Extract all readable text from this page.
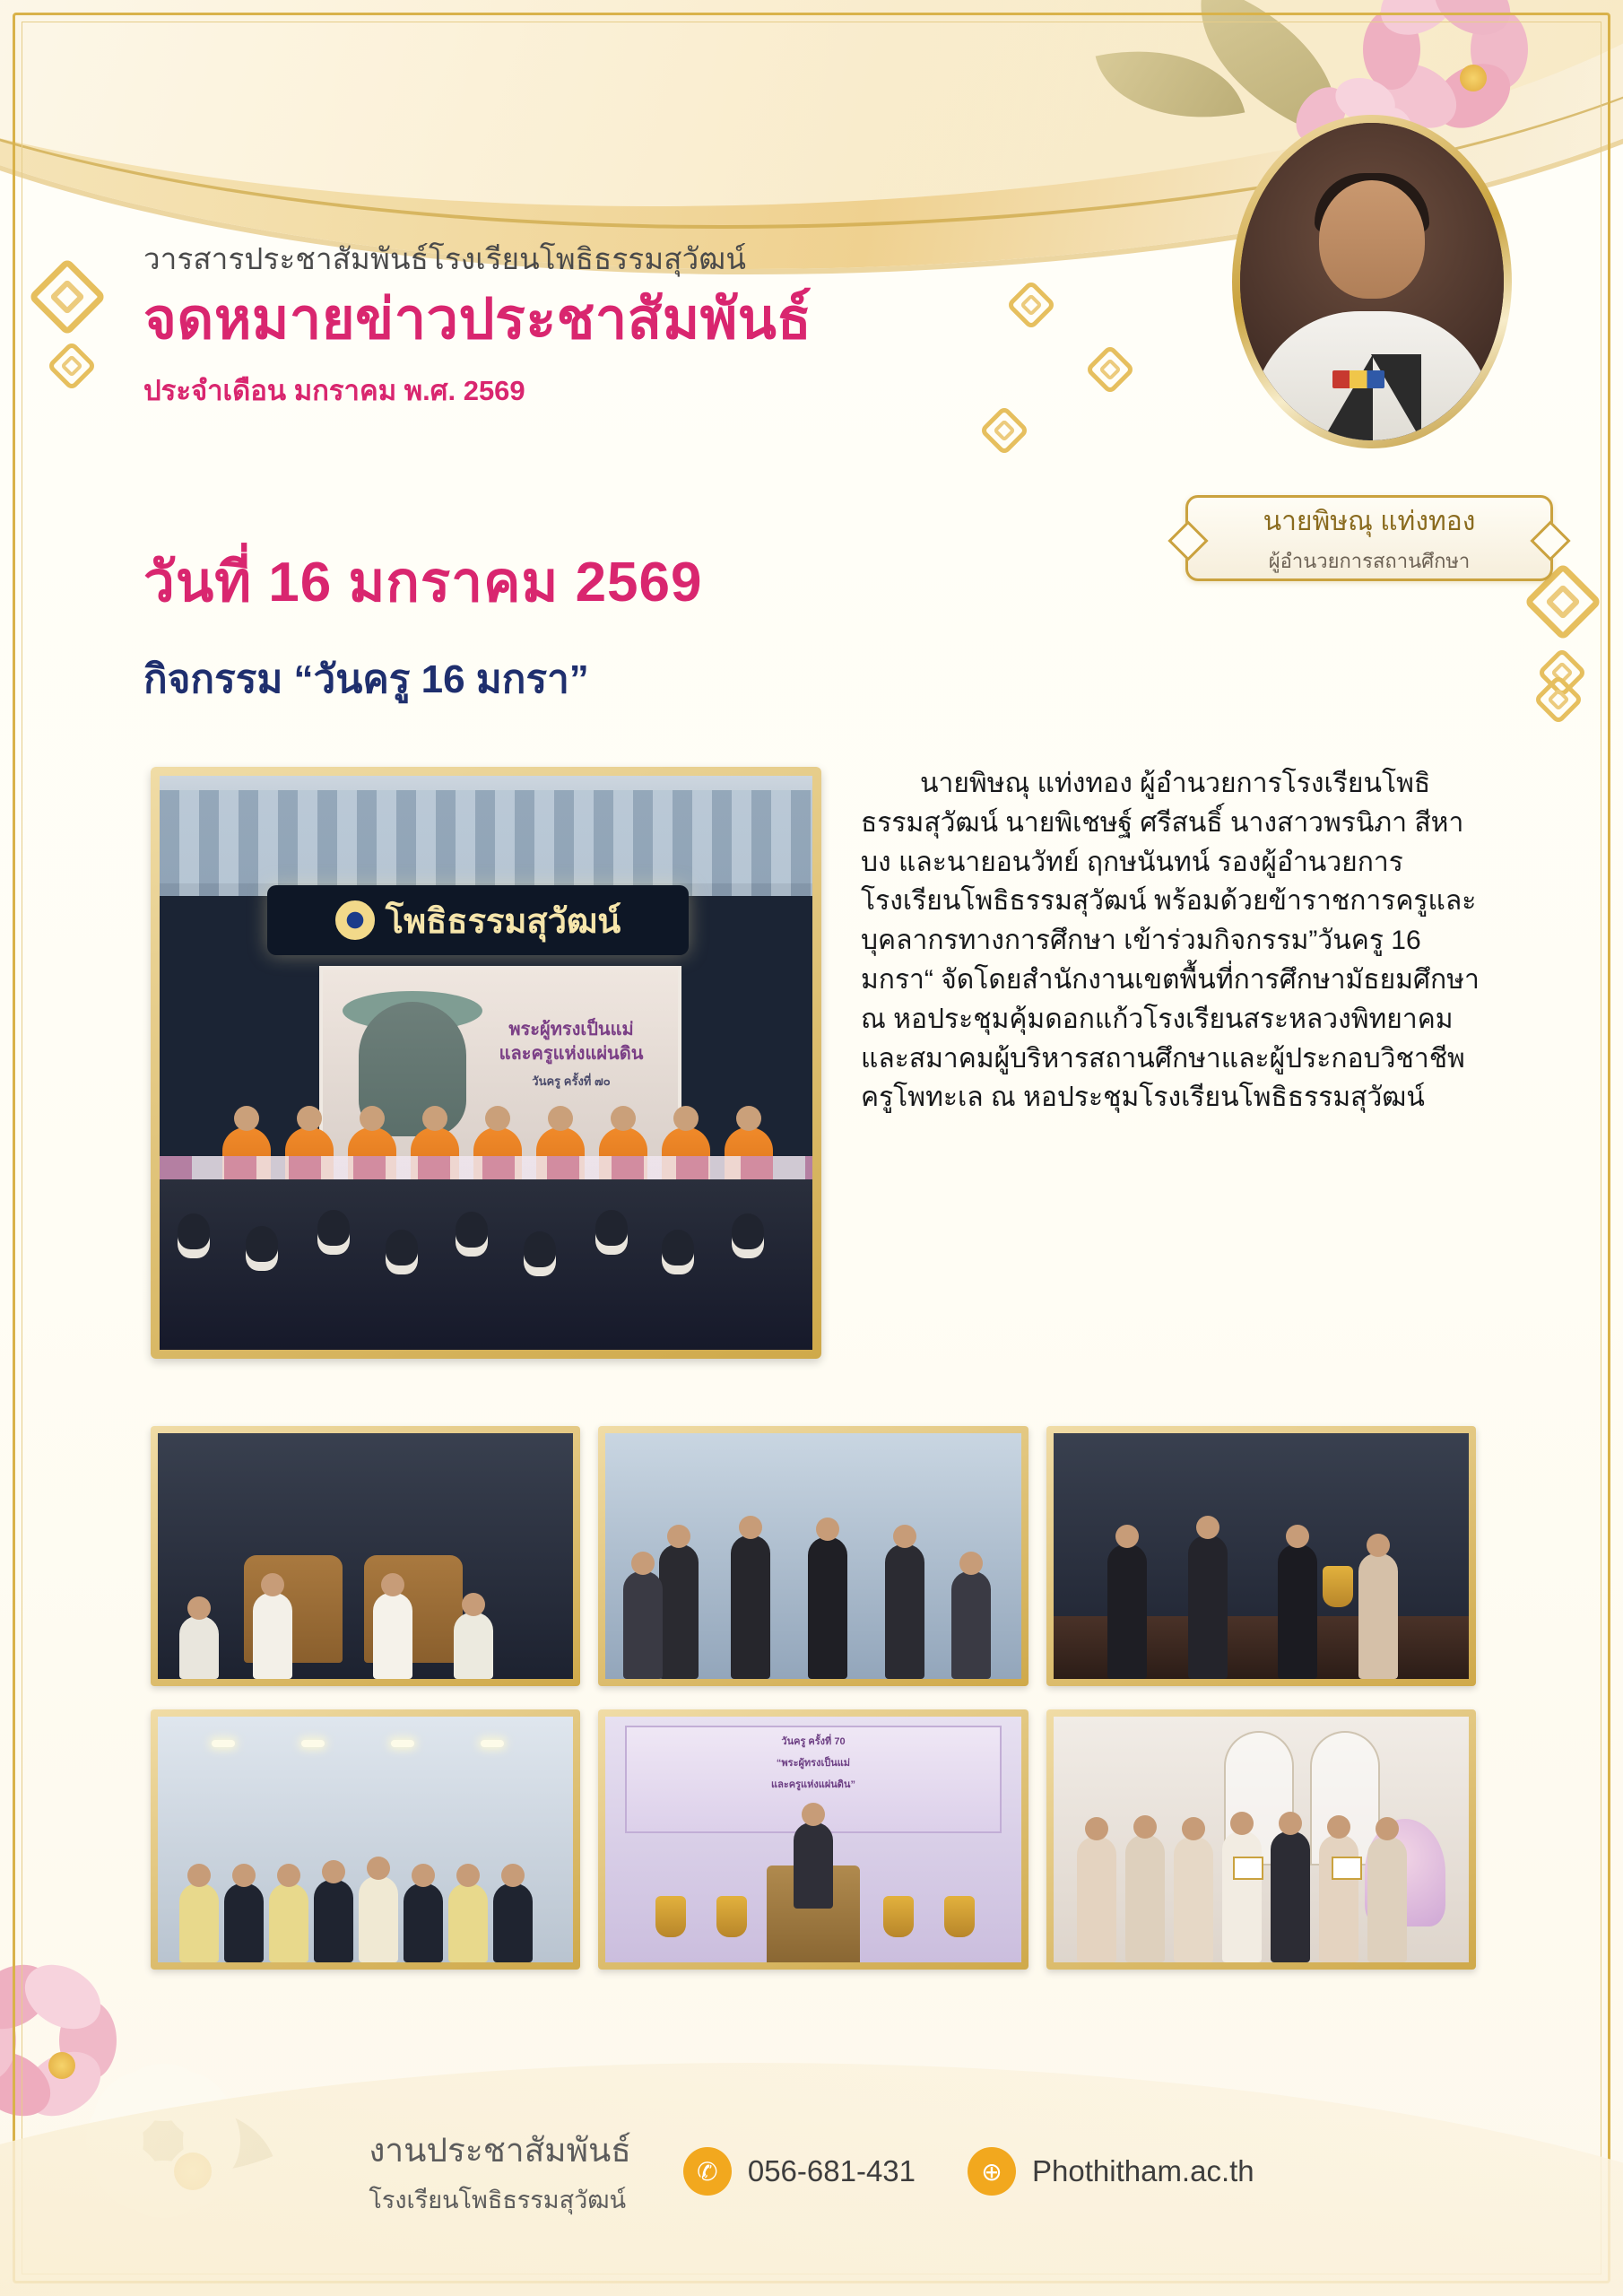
วารสารประชาสัมพันธ์โรงเรียนโพธิธรรมสุวัฒน์
จดหมายข่าวประชาสัมพันธ์
ประจำเดือน มกราคม พ.ศ. 2569
นายพิษณุ แท่งทอง
ผู้อำนวยการสถานศึกษา
วันที่ 16 มกราคม 2569
กิจกรรม “วันครู 16 มกรา”
โพธิธรรมสุวัฒน์
พระผู้ทรงเป็นแม่
และครูแห่งแผ่นดิน
วันครู ครั้งที่ ๗๐
นายพิษณุ แท่งทอง ผู้อำนวยการโรงเรียนโพธิธรรมสุวัฒน์ นายพิเชษฐ์ ศรีสนธิ์ นางสาวพรนิภา สีหาบง และนายอนวัทย์ ฤกษนันทน์ รองผู้อำนวยการโรงเรียนโพธิธรรมสุวัฒน์ พร้อมด้วยข้าราชการครูและบุคลากรทางการศึกษา เข้าร่วมกิจกรรม”วันครู 16 มกรา“ จัดโดยสำนักงานเขตพื้นที่การศึกษามัธยมศึกษา ณ หอประชุมคุ้มดอกแก้วโรงเรียนสระหลวงพิทยาคม และสมาคมผู้บริหารสถานศึกษาและผู้ประกอบวิชาชีพครูโพทะเล ณ หอประชุมโรงเรียนโพธิธรรมสุวัฒน์
วันครู ครั้งที่ 70
“พระผู้ทรงเป็นแม่
และครูแห่งแผ่นดิน”
งานประชาสัมพันธ์
โรงเรียนโพธิธรรมสุวัฒน์
✆	056-681-431	⊕	Phothitham.ac.th
